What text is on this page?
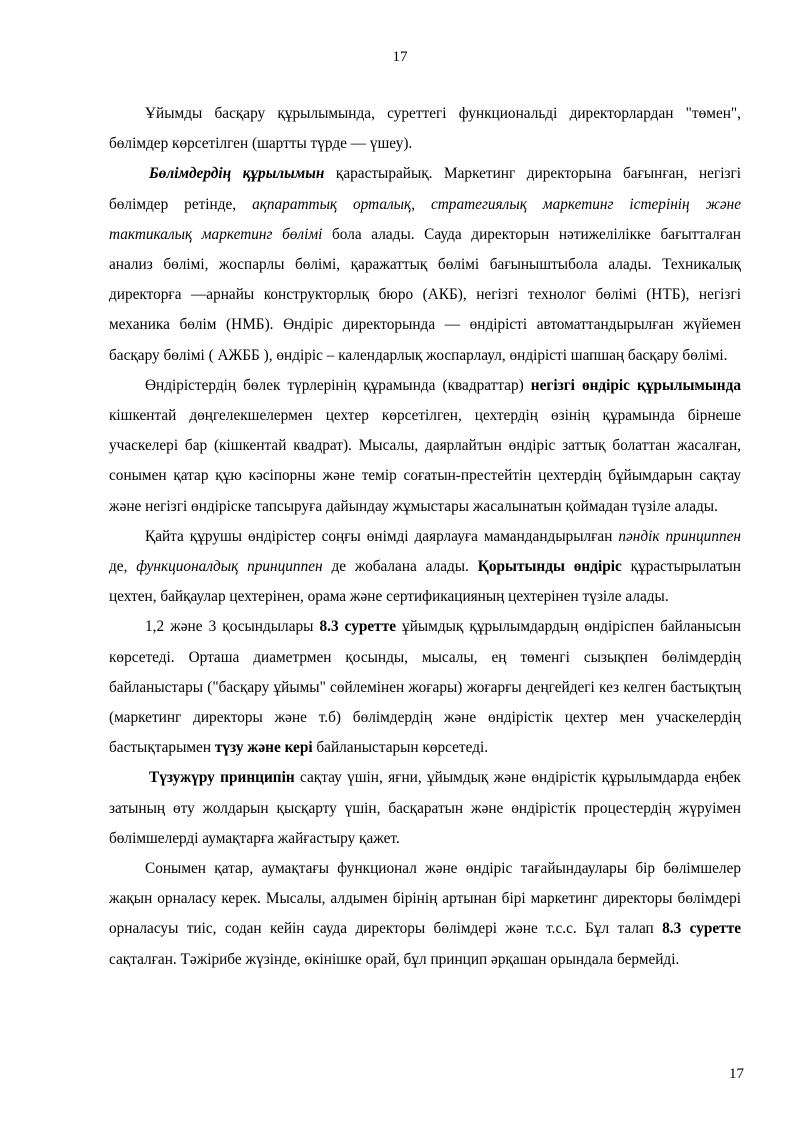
17

Ұйымды басқару құрылымында, суреттегі функциональді директорлардан "төмен", бөлімдер көрсетілген (шартты түрде — үшеу).

Бөлімдердің құрылымын қарастырайық. Маркетинг директорына бағынған, негізгі бөлімдер ретінде, ақпараттық орталық, стратегиялық маркетинг істерінің және тактикалық маркетинг бөлімі бола алады. Сауда директорын нәтижелілікке бағытталған анализ бөлімі, жоспарлы бөлімі, қаражаттық бөлімі бағыныштыбола алады. Техникалық директорға —арнайы конструкторлық бюро (АКБ), негізгі технолог бөлімі (НТБ), негізгі механика бөлім (НМБ). Өндіріс директорында — өндірісті автоматтандырылған жүйемен басқару бөлімі ( АЖББ ), өндіріс – календарлық жоспарлаул, өндірісті шапшаң басқару бөлімі.

Өндірістердің бөлек түрлерінің құрамында (квадраттар) негізгі өндіріс құрылымында кішкентай дөңгелекшелермен цехтер көрсетілген, цехтердің өзінің құрамында бірнеше учаскелері бар (кішкентай квадрат). Мысалы, даярлайтын өндіріс заттық болаттан жасалған, сонымен қатар құю кәсіпорны және темір соғатын-престейтін цехтердің бұйымдарын сақтау және негізгі өндіріске тапсыруға дайындау жұмыстары жасалынатын қоймадан түзіле алады.

Қайта құрушы өндірістер соңғы өнімді даярлауға мамандандырылған пәндік принциппен де, функционалдық принциппен де жобалана алады. Қорытынды өндіріс құрастырылатын цехтен, байқаулар цехтерінен, орама және сертификацияның цехтерінен түзіле алады.

1,2 және 3 қосындылары 8.3 суретте ұйымдық құрылымдардың өндіріспен байланысын көрсетеді. Орташа диаметрмен қосынды, мысалы, ең төменгі сызықпен бөлімдердің байланыстары ("басқару ұйымы" сөйлемінен жоғары) жоғарғы деңгейдегі кез келген бастықтың (маркетинг директоры және т.б) бөлімдердің және өндірістік цехтер мен учаскелердің бастықтарымен түзу және кері байланыстарын көрсетеді.

Түзужүру принципін сақтау үшін, яғни, ұйымдық және өндірістік құрылымдарда еңбек затының өту жолдарын қысқарту үшін, басқаратын және өндірістік процестердің жүруімен бөлімшелерді аумақтарға жайғастыру қажет.

Сонымен қатар, аумақтағы функционал және өндіріс тағайындаулары бір бөлімшелер жақын орналасу керек. Мысалы, алдымен бірінің артынан бірі маркетинг директоры бөлімдері орналасуы тиіс, содан кейін сауда директоры бөлімдері және т.с.с. Бұл талап 8.3 суретте сақталған. Тәжірибе жүзінде, өкінішке орай, бұл принцип әрқашан орындала бермейді.

17
